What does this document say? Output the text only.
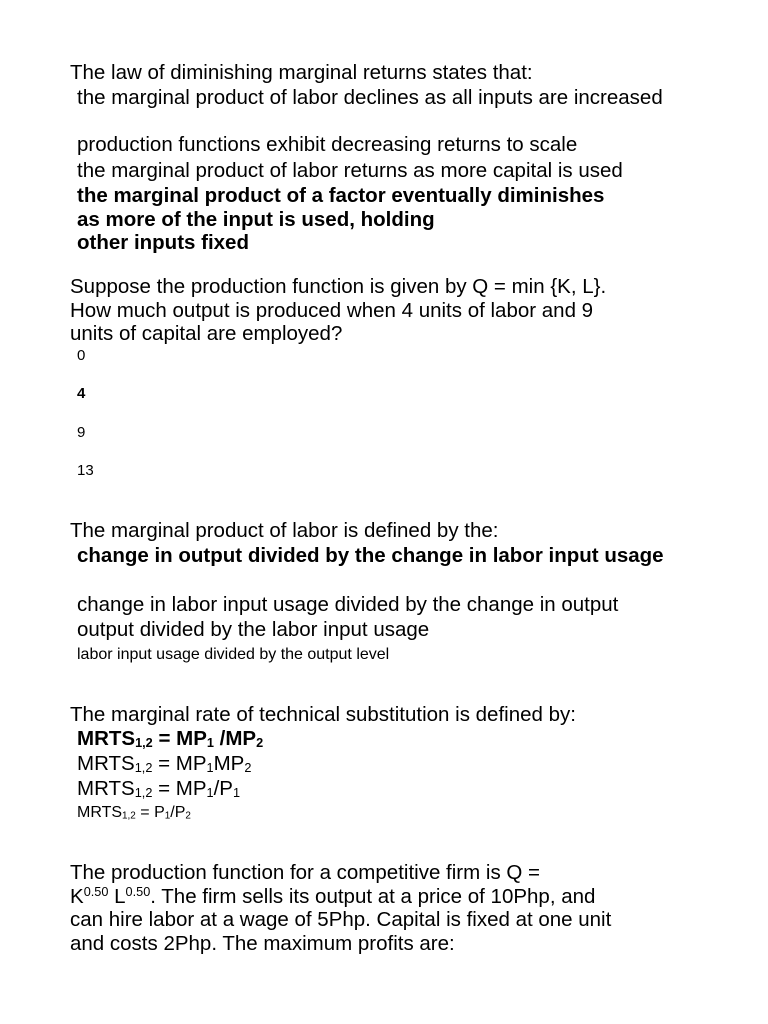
The law of diminishing marginal returns states that:
the marginal product of labor declines as all inputs are increased
production functions exhibit decreasing returns to scale
the marginal product of labor returns as more capital is used
the marginal product of a factor eventually diminishes
as more of the input is used, holding
other inputs fixed
Suppose the production function is given by Q = min {K, L}.
How much output is produced when 4 units of labor and 9
units of capital are employed?
0
4
9
13
The marginal product of labor is defined by the:
change in output divided by the change in labor input usage
change in labor input usage divided by the change in output
output divided by the labor input usage
labor input usage divided by the output level
The marginal rate of technical substitution is defined by:
$MRTS_{1,2} = MP_1$ $/MP_2$
$MRTS_{1,2} = MP_1MP_2$
$MRTS_{1,2} = MP_1/P_1$
$MRTS_{1,2} = P_1/P_2$
The production function for a competitive firm is Q =
$K^{0.50}$ $L^{0.50}$. The firm sells its output at a price of 10Php, and
can hire labor at a wage of 5Php. Capital is fixed at one unit
and costs 2Php. The maximum profits are:
